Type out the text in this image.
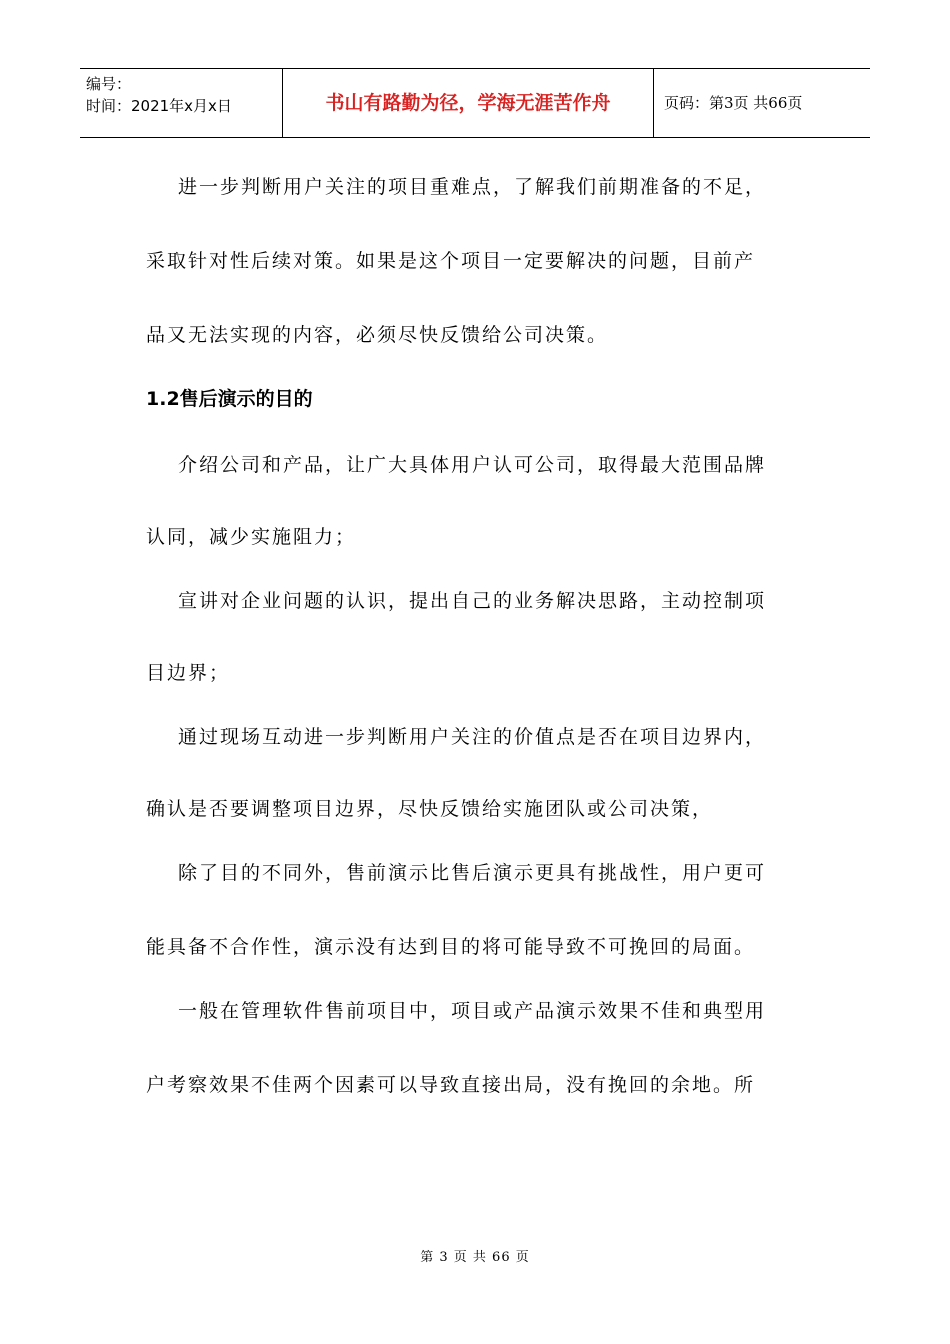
编号：
时间：2021年x月x日	书山有路勤为径，学海无涯苦作舟	页码：第3页 共66页
进一步判断用户关注的项目重难点，了解我们前期准备的不足，
采取针对性后续对策。如果是这个项目一定要解决的问题，目前产
品又无法实现的内容，必须尽快反馈给公司决策。
1.2售后演示的目的
介绍公司和产品，让广大具体用户认可公司，取得最大范围品牌
认同，减少实施阻力；
宣讲对企业问题的认识，提出自己的业务解决思路，主动控制项
目边界；
通过现场互动进一步判断用户关注的价值点是否在项目边界内，
确认是否要调整项目边界，尽快反馈给实施团队或公司决策，
除了目的不同外，售前演示比售后演示更具有挑战性，用户更可
能具备不合作性，演示没有达到目的将可能导致不可挽回的局面。
一般在管理软件售前项目中，项目或产品演示效果不佳和典型用
户考察效果不佳两个因素可以导致直接出局，没有挽回的余地。所
第 3 页 共 66 页
